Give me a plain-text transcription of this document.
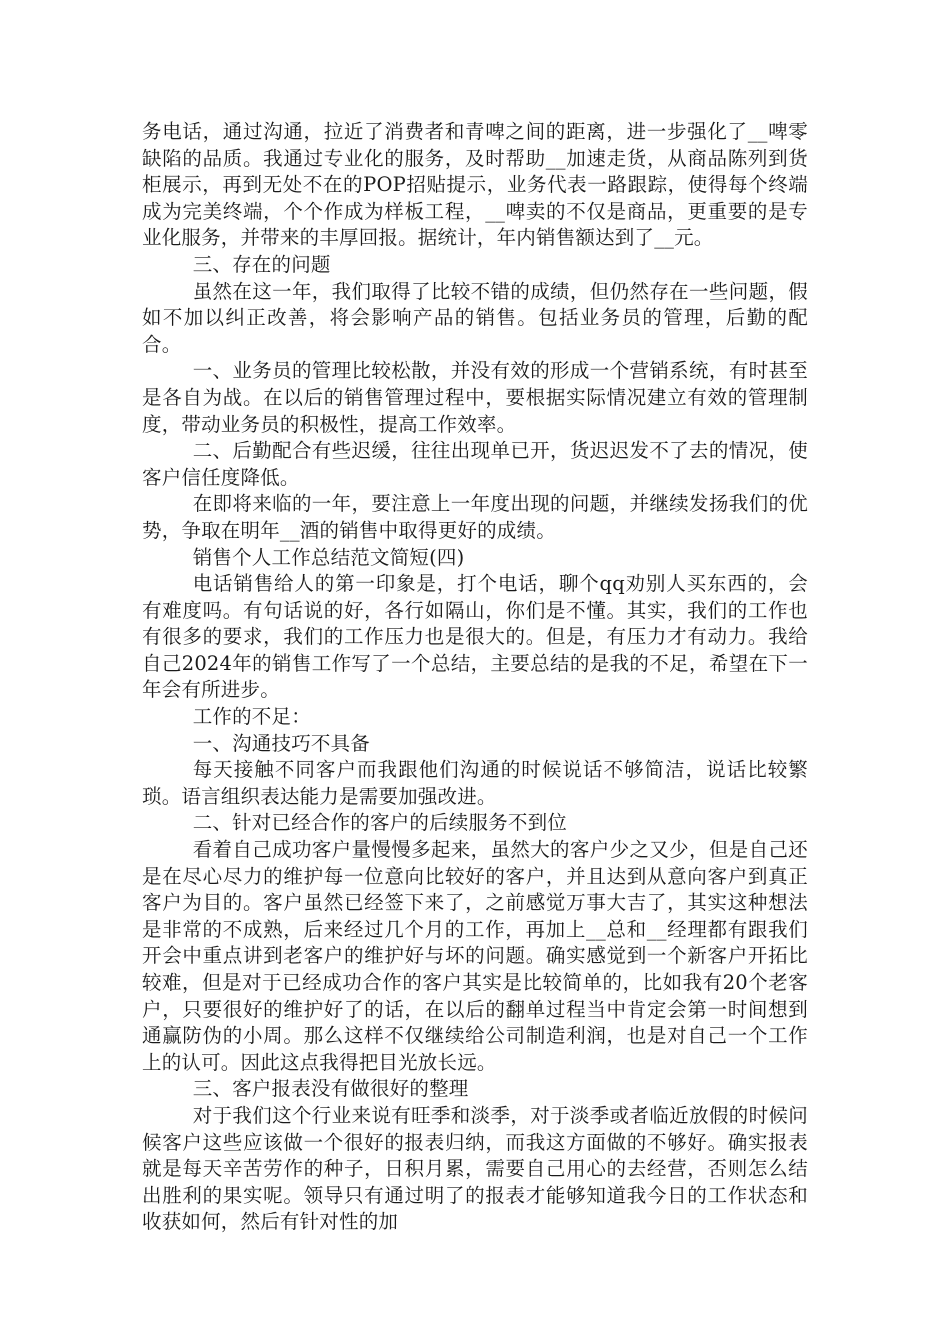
务电话，通过沟通，拉近了消费者和青啤之间的距离，进一步强化了__啤零缺陷的品质。我通过专业化的服务，及时帮助__加速走货，从商品陈列到货柜展示，再到无处不在的POP招贴提示，业务代表一路跟踪，使得每个终端成为完美终端，个个作成为样板工程，__啤卖的不仅是商品，更重要的是专业化服务，并带来的丰厚回报。据统计，年内销售额达到了__元。

三、存在的问题

虽然在这一年，我们取得了比较不错的成绩，但仍然存在一些问题，假如不加以纠正改善，将会影响产品的销售。包括业务员的管理，后勤的配合。

一、业务员的管理比较松散，并没有效的形成一个营销系统，有时甚至是各自为战。在以后的销售管理过程中，要根据实际情况建立有效的管理制度，带动业务员的积极性，提高工作效率。

二、后勤配合有些迟缓，往往出现单已开，货迟迟发不了去的情况，使客户信任度降低。

在即将来临的一年，要注意上一年度出现的问题，并继续发扬我们的优势，争取在明年__酒的销售中取得更好的成绩。

销售个人工作总结范文简短(四)

电话销售给人的第一印象是，打个电话，聊个qq劝别人买东西的，会有难度吗。有句话说的好，各行如隔山，你们是不懂。其实，我们的工作也有很多的要求，我们的工作压力也是很大的。但是，有压力才有动力。我给自己2024年的销售工作写了一个总结，主要总结的是我的不足，希望在下一年会有所进步。

工作的不足：

一、沟通技巧不具备

每天接触不同客户而我跟他们沟通的时候说话不够简洁，说话比较繁琐。语言组织表达能力是需要加强改进。

二、针对已经合作的客户的后续服务不到位

看着自己成功客户量慢慢多起来，虽然大的客户少之又少，但是自己还是在尽心尽力的维护每一位意向比较好的客户，并且达到从意向客户到真正客户为目的。客户虽然已经签下来了，之前感觉万事大吉了，其实这种想法是非常的不成熟，后来经过几个月的工作，再加上__总和__经理都有跟我们开会中重点讲到老客户的维护好与坏的问题。确实感觉到一个新客户开拓比较难，但是对于已经成功合作的客户其实是比较简单的，比如我有20个老客户，只要很好的维护好了的话，在以后的翻单过程当中肯定会第一时间想到通赢防伪的小周。那么这样不仅继续给公司制造利润，也是对自己一个工作上的认可。因此这点我得把目光放长远。

三、客户报表没有做很好的整理

对于我们这个行业来说有旺季和淡季，对于淡季或者临近放假的时候问候客户这些应该做一个很好的报表归纳，而我这方面做的不够好。确实报表就是每天辛苦劳作的种子，日积月累，需要自己用心的去经营，否则怎么结出胜利的果实呢。领导只有通过明了的报表才能够知道我今日的工作状态和收获如何，然后有针对性的加
